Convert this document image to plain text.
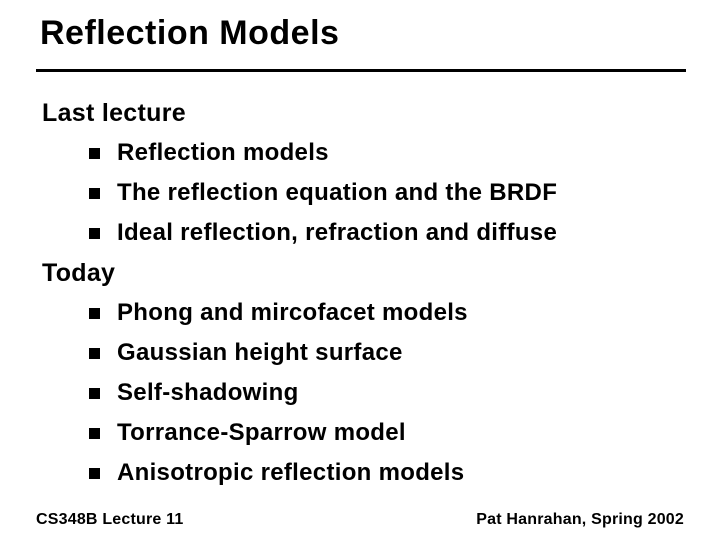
Reflection Models
Last lecture
Reflection models
The reflection equation and the BRDF
Ideal reflection, refraction and diffuse
Today
Phong and mircofacet models
Gaussian height surface
Self-shadowing
Torrance-Sparrow model
Anisotropic reflection models
CS348B Lecture 11	Pat Hanrahan, Spring 2002
